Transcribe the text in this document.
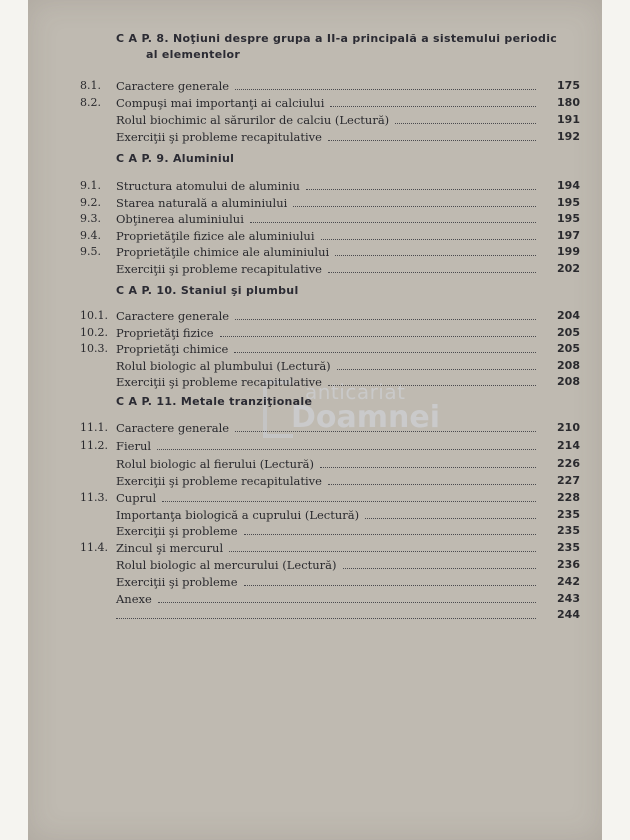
anticariat
Doamnei
C A P. 8. Noţiuni despre grupa a II-a principală a sistemului periodic
al elementelor
8.1.	Caractere generale	175
8.2.	Compuşi mai importanţi ai calciului	180
Rolul biochimic al sărurilor de calciu (Lectură)	191
Exerciţii şi probleme recapitulative	192
C A P. 9. Aluminiul
9.1.	Structura atomului de aluminiu	194
9.2.	Starea naturală a aluminiului	195
9.3.	Obţinerea aluminiului	195
9.4.	Proprietăţile fizice ale aluminiului	197
9.5.	Proprietăţile chimice ale aluminiului	199
Exerciţii şi probleme recapitulative	202
C A P. 10. Staniul şi plumbul
10.1. Caractere generale	204
10.2. Proprietăţi fizice	205
10.3. Proprietăţi chimice	205
Rolul biologic al plumbului (Lectură)	208
Exerciţii şi probleme recapitulative	208
C A P. 11. Metale tranziţionale
11.1. Caractere generale	210
11.2. Fierul	214
Rolul biologic al fierului (Lectură)	226
Exerciţii şi probleme recapitulative	227
11.3. Cuprul	228
Importanţa biologică a cuprului (Lectură)	235
Exerciţii şi probleme	235
11.4. Zincul şi mercurul	235
Rolul biologic al mercurului (Lectură)	236
Exerciţii şi probleme	242
Anexe	243
244
